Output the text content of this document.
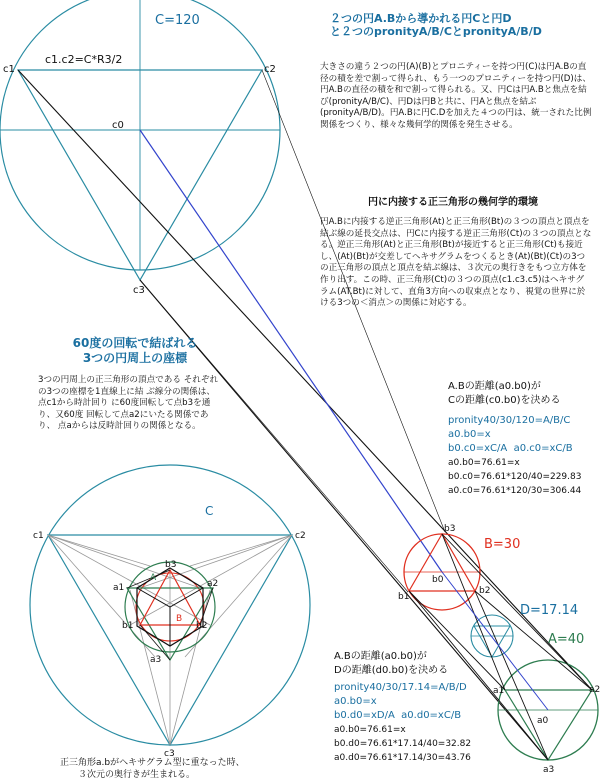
C=120
c1.c2=C*R3/2
c0
c1	c2
c3
B=30
D=17.14
A=40
b0
b1
b2
b3
a0
a1	a2
a3
C
c1	c2
c3
A
B
a1	a2
a3
b1	b2
b3
２つの円A.Bから導かれる円Cと円D
と２つのpronityA/B/CとpronityA/B/D
大きさの違う２つの円(A)(B)とプロニティーを持つ円(C)は円A.Bの直径の積を差で割って得られ、もう一つのプロニティーを持つ円(D)は、円A.Bの直径の積を和で割って得られる。又、円Cは円A.Bと焦点を結び(pronityA/B/C)、円Dは円Bと共に、円Aと焦点を結ぶ(pronityA/B/D)。円A.Bに円C.Dを加えた４つの円は、統一された比例関係をつくり、様々な幾何学的関係を発生させる。
円に内接する正三角形の幾何学的環境
円A.Bに内接する逆正三角形(At)と正三角形(Bt)の３つの頂点と頂点を結ぶ線の延長交点は、円Cに内接する逆正三角形(Ct)の３つの頂点となる。逆正三角形(At)と正三角形(Bt)が接近すると正三角形(Ct)も接近し、(At)(Bt)が交差してヘキサグラムをつくるとき(At)(Bt)(Ct)の3つの正三角形の頂点と頂点を結ぶ線は、３次元の奥行きをもつ立方体を作り出す。この時、正三角形(Ct)の３つの頂点(c1.c3.c5)はヘキサグラム(AT.Bt)に対して、直角3方向への収束点となり、視覚の世界に於ける3つの＜消点＞の関係に対応する。
60度の回転で結ばれる
3つの円周上の座標
3つの円周上の正三角形の頂点である それぞれの3つの座標を1直線上に結 ぶ線分の関係は、点c1から時計回り に60度回転して点b3を通り、又60度 回転して点a2にいたる関係であり、 点aからは反時計回りの関係となる。
A.Bの距離(a0.b0)が
Cの距離(c0.b0)を決める
pronity40/30/120=A/B/C
a0.b0=x
b0.c0=xC/A a0.c0=xC/B
a0.b0=76.61=x
b0.c0=76.61*120/40=229.83
a0.c0=76.61*120/30=306.44
A.Bの距離(a0.b0)が
Dの距離(d0.b0)を決める
pronity40/30/17.14=A/B/D
a0.b0=x
b0.d0=xD/A a0.d0=xC/B
a0.b0=76.61=x
b0.d0=76.61*17.14/40=32.82
a0.d0=76.61*17.14/30=43.76
正三角形a.bがヘキサグラム型に重なった時、
３次元の奥行きが生まれる。
